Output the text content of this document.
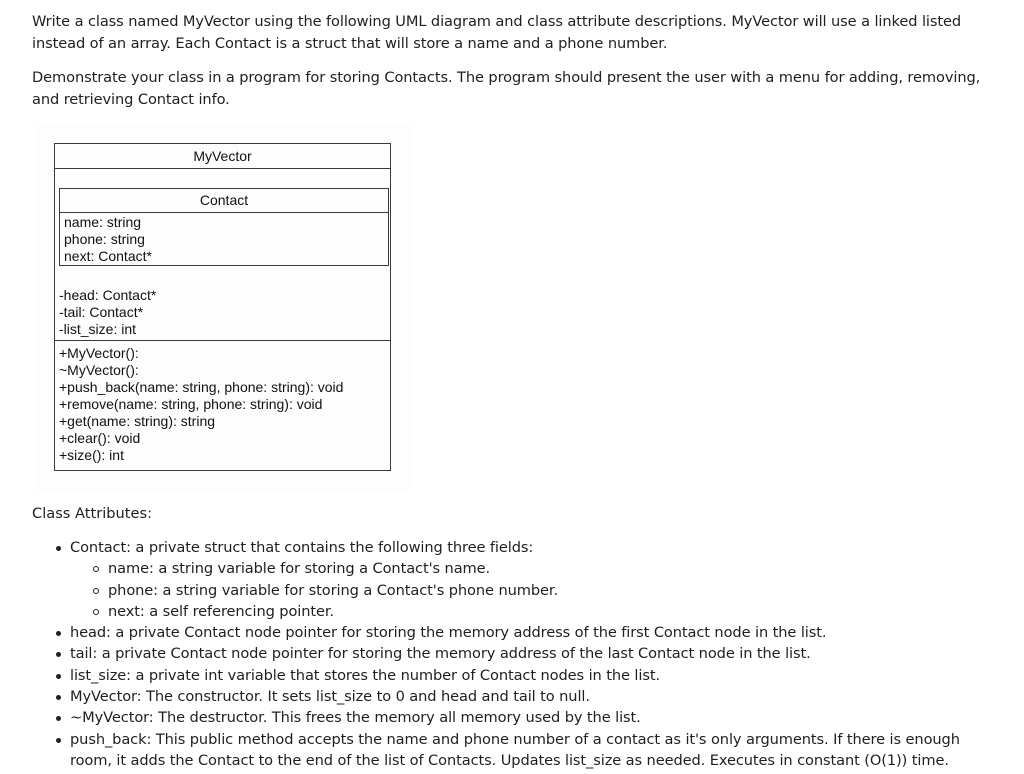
Write a class named MyVector using the following UML diagram and class attribute descriptions. MyVector will use a linked listed instead of an array. Each Contact is a struct that will store a name and a phone number.

Demonstrate your class in a program for storing Contacts. The program should present the user with a menu for adding, removing, and retrieving Contact info.

MyVector
Contact
name: string
phone: string
next: Contact*
-head: Contact*
-tail: Contact*
-list_size: int
+MyVector():
~MyVector():
+push_back(name: string, phone: string): void
+remove(name: string, phone: string): void
+get(name: string): string
+clear(): void
+size(): int
Class Attributes:
Contact: a private struct that contains the following three fields:
name: a string variable for storing a Contact's name.
phone: a string variable for storing a Contact's phone number.
next: a self referencing pointer.
head: a private Contact node pointer for storing the memory address of the first Contact node in the list.
tail: a private Contact node pointer for storing the memory address of the last Contact node in the list.
list_size: a private int variable that stores the number of Contact nodes in the list.
MyVector: The constructor. It sets list_size to 0 and head and tail to null.
~MyVector: The destructor. This frees the memory all memory used by the list.
push_back: This public method accepts the name and phone number of a contact as it's only arguments. If there is enough room, it adds the Contact to the end of the list of Contacts. Updates list_size as needed. Executes in constant (O(1)) time.
